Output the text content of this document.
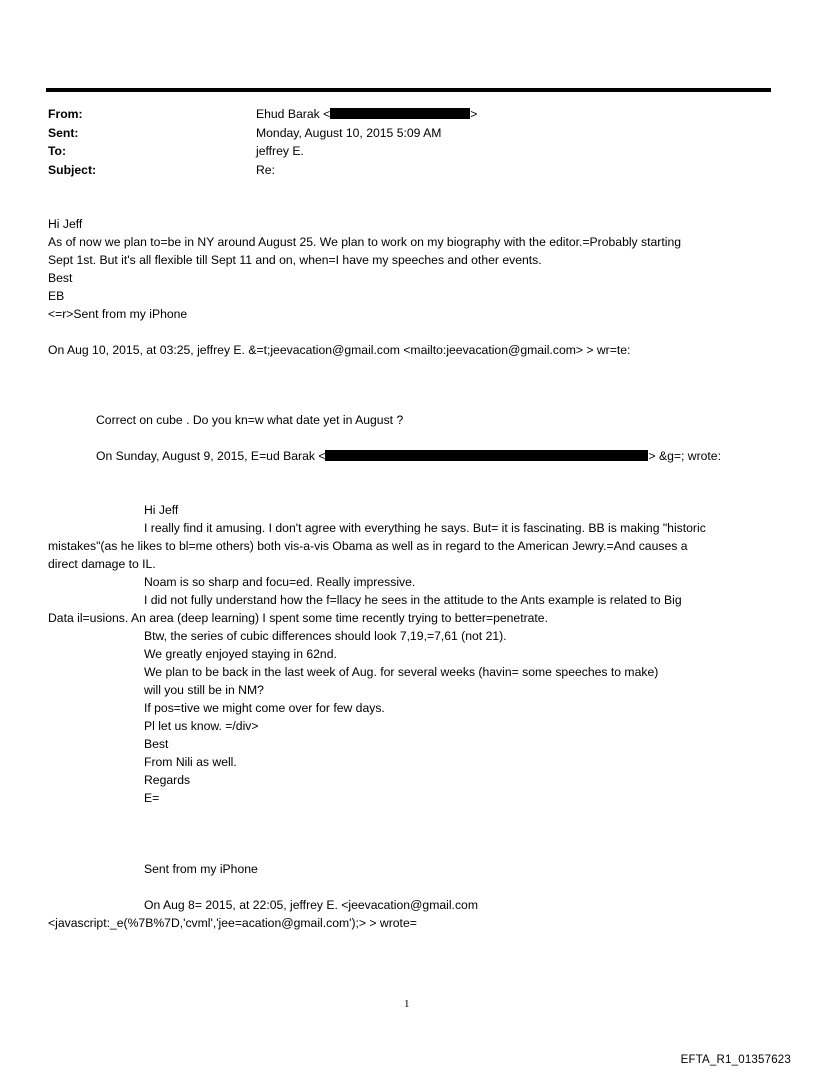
From:	Ehud Barak <	>
Sent:	Monday, August 10, 2015 5:09 AM
To:	jeffrey E.
Subject:	Re:
Hi Jeff
As of now we plan to=be in NY around August 25. We plan to work on my biography with the editor.=Probably starting
Sept 1st. But it's all flexible till Sept 11 and on, when=I have my speeches and other events.
Best
EB
<=r>Sent from my iPhone
On Aug 10, 2015, at 03:25, jeffrey E. &=t;jeevacation@gmail.com <mailto:jeevacation@gmail.com> > wr=te:
Correct on cube . Do you kn=w what date yet in August ?
On Sunday, August 9, 2015, E=ud Barak <	> &g=; wrote:
Hi Jeff
I really find it amusing. I don't agree with everything he says. But= it is fascinating. BB is making "historic
mistakes"(as he likes to bl=me others) both vis-a-vis Obama as well as in regard to the American Jewry.=And causes a
direct damage to IL.
Noam is so sharp and focu=ed. Really impressive.
I did not fully understand how the f=llacy he sees in the attitude to the Ants example is related to Big
Data il=usions. An area (deep learning) I spent some time recently trying to better=penetrate.
Btw, the series of cubic differences should look 7,19,=7,61 (not 21).
We greatly enjoyed staying in 62nd.
We plan to be back in the last week of Aug. for several weeks (havin= some speeches to make)
will you still be in NM?
If pos=tive we might come over for few days.
Pl let us know. =/div>
Best
From Nili as well.
Regards
E=
Sent from my iPhone
On Aug 8= 2015, at 22:05, jeffrey E. <jeevacation@gmail.com
<javascript:_e(%7B%7D,'cvml','jee=acation@gmail.com');> > wrote=
1
EFTA_R1_01357623
